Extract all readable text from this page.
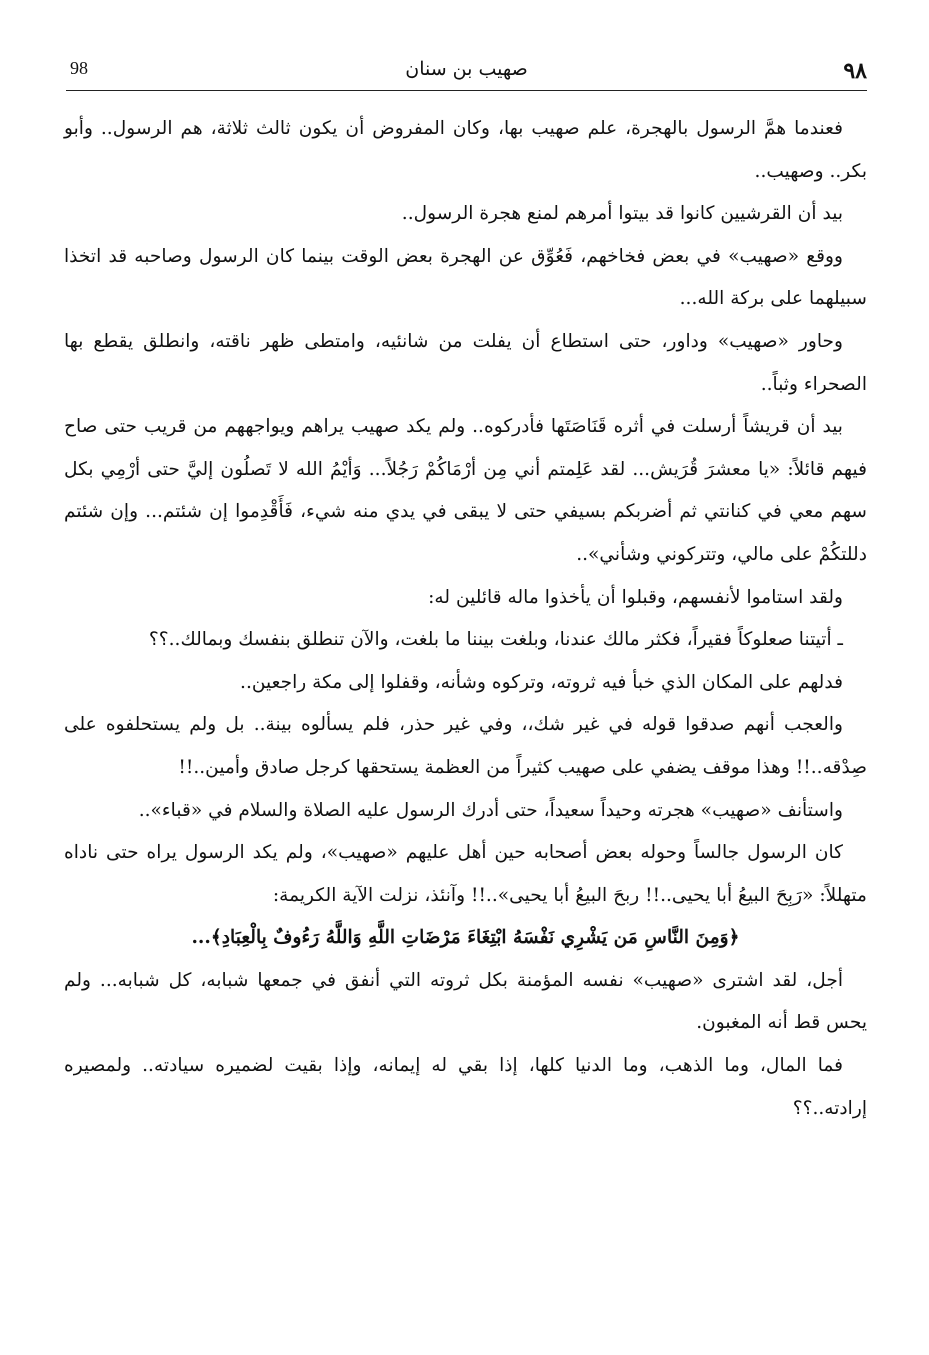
٩٨
صهيب بن سنان
98

فعندما همَّ الرسول بالهجرة، علم صهيب بها، وكان المفروض أن يكون ثالث ثلاثة، هم الرسول.. وأبو بكر.. وصهيب..

بيد أن القرشيين كانوا قد بيتوا أمرهم لمنع هجرة الرسول..

ووقع «صهيب» في بعض فخاخهم، فَعُوِّق عن الهجرة بعض الوقت بينما كان الرسول وصاحبه قد اتخذا سبيلهما على بركة الله...

وحاور «صهيب» وداور، حتى استطاع أن يفلت من شانئيه، وامتطى ظهر ناقته، وانطلق يقطع بها الصحراء وثباً..

بيد أن قريشاً أرسلت في أثره قَنَاصَتَها فأدركوه.. ولم يكد صهيب يراهم ويواجههم من قريب حتى صاح فيهم قائلاً: «يا معشرَ قُرَيش... لقد عَلِمتم أني مِن أرْمَاكُمْ رَجُلاً... وَأيْمُ الله لا تَصلُون إليَّ حتى أرْمِي بكل سهم معي في كنانتي ثم أضربكم بسيفي حتى لا يبقى في يدي منه شيء، فَأَقْدِموا إن شئتم... وإن شئتم دللتكُمْ على مالي، وتتركوني وشأني»..

ولقد استاموا لأنفسهم، وقبلوا أن يأخذوا ماله قائلين له:

ـ أتيتنا صعلوكاً فقيراً، فكثر مالك عندنا، وبلغت بيننا ما بلغت، والآن تنطلق بنفسك وبمالك..؟؟

فدلهم على المكان الذي خبأ فيه ثروته، وتركوه وشأنه، وقفلوا إلى مكة راجعين..

والعجب أنهم صدقوا قوله في غير شك،، وفي غير حذر، فلم يسألوه بينة.. بل ولم يستحلفوه على صِدْقه..!! وهذا موقف يضفي على صهيب كثيراً من العظمة يستحقها كرجل صادق وأمين..!!

واستأنف «صهيب» هجرته وحيداً سعيداً، حتى أدرك الرسول عليه الصلاة والسلام في «قباء»..

كان الرسول جالساً وحوله بعض أصحابه حين أهل عليهم «صهيب»، ولم يكد الرسول يراه حتى ناداه متهللاً: «رَبِحَ البيعُ أبا يحيى..!! ربحَ البيعُ أبا يحيى»..!! وآنئذ، نزلت الآية الكريمة:

﴿وَمِنَ النَّاسِ مَن يَشْرِي نَفْسَهُ ابْتِغَاءَ مَرْضَاتِ اللَّهِ وَاللَّهُ رَءُوفٌ بِالْعِبَادِ﴾...

أجل، لقد اشترى «صهيب» نفسه المؤمنة بكل ثروته التي أنفق في جمعها شبابه، كل شبابه... ولم يحس قط أنه المغبون.

فما المال، وما الذهب، وما الدنيا كلها، إذا بقي له إيمانه، وإذا بقيت لضميره سيادته.. ولمصيره إرادته..؟؟
